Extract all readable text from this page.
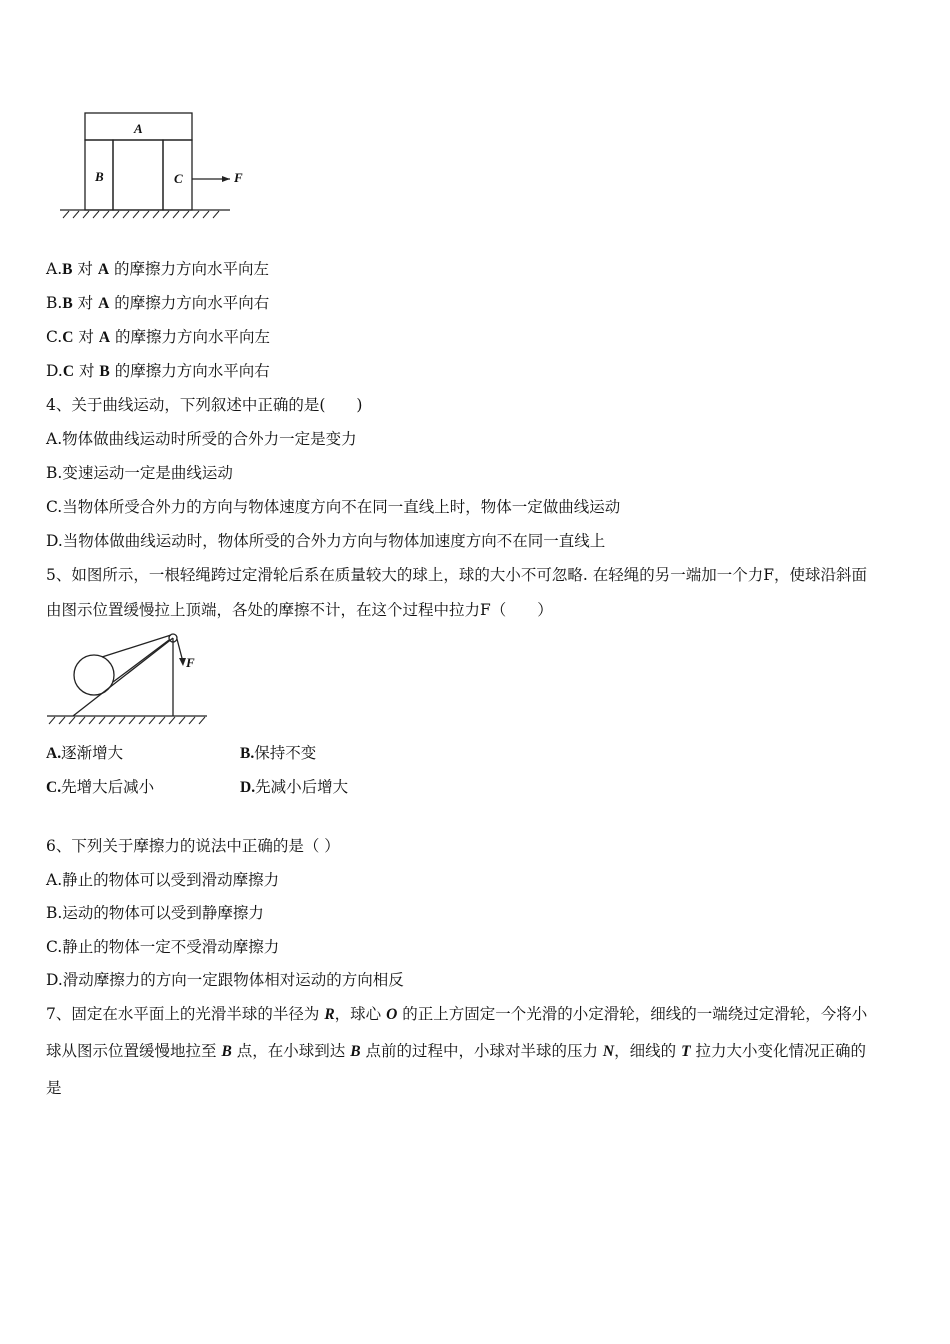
A
B	C	F
A.B 对 A 的摩擦力方向水平向左
B.B 对 A 的摩擦力方向水平向右
C.C 对 A 的摩擦力方向水平向左
D.C 对 B 的摩擦力方向水平向右
4、关于曲线运动，下列叙述中正确的是(　　)
A.物体做曲线运动时所受的合外力一定是变力
B.变速运动一定是曲线运动
C.当物体所受合外力的方向与物体速度方向不在同一直线上时，物体一定做曲线运动
D.当物体做曲线运动时，物体所受的合外力方向与物体加速度方向不在同一直线上
5、如图所示，一根轻绳跨过定滑轮后系在质量较大的球上，球的大小不可忽略. 在轻绳的另一端加一个力F，使球沿斜面
由图示位置缓慢拉上顶端，各处的摩擦不计，在这个过程中拉力F（　　）
F
A.逐渐增大	B.保持不变
C.先增大后减小	D.先减小后增大
6、下列关于摩擦力的说法中正确的是（ ）
A.静止的物体可以受到滑动摩擦力
B.运动的物体可以受到静摩擦力
C.静止的物体一定不受滑动摩擦力
D.滑动摩擦力的方向一定跟物体相对运动的方向相反
7、固定在水平面上的光滑半球的半径为 R，球心 O 的正上方固定一个光滑的小定滑轮，细线的一端绕过定滑轮，今将小
球从图示位置缓慢地拉至 B 点，在小球到达 B 点前的过程中，小球对半球的压力 N，细线的 T 拉力大小变化情况正确的
是
